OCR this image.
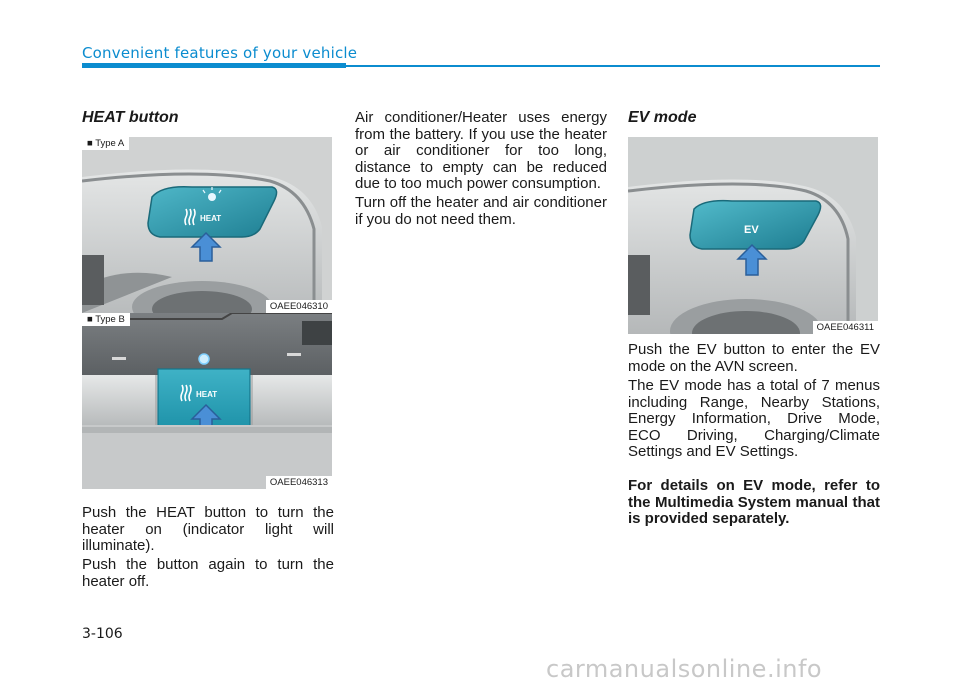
Convenient features of your vehicle
HEAT button
HEAT
■ Type A
OAEE046310
HEAT
■ Type B
OAEE046313

Push the HEAT button to turn the heater on (indicator light will illuminate).

Push the button again to turn the heater off.

Air conditioner/Heater uses energy from the battery. If you use the heater or air conditioner for too long, distance to empty can be reduced due to too much power consumption.

Turn off the heater and air conditioner if you do not need them.

EV mode
EV
OAEE046311

Push the EV button to enter the EV mode on the AVN screen.

The EV mode has a total of 7 menus including Range, Nearby Stations, Energy Information, Drive Mode, ECO Driving, Charging/Climate Settings and EV Settings.

For details on EV mode, refer to the Multimedia System manual that is provided separately.

3-106
carmanualsonline.info
